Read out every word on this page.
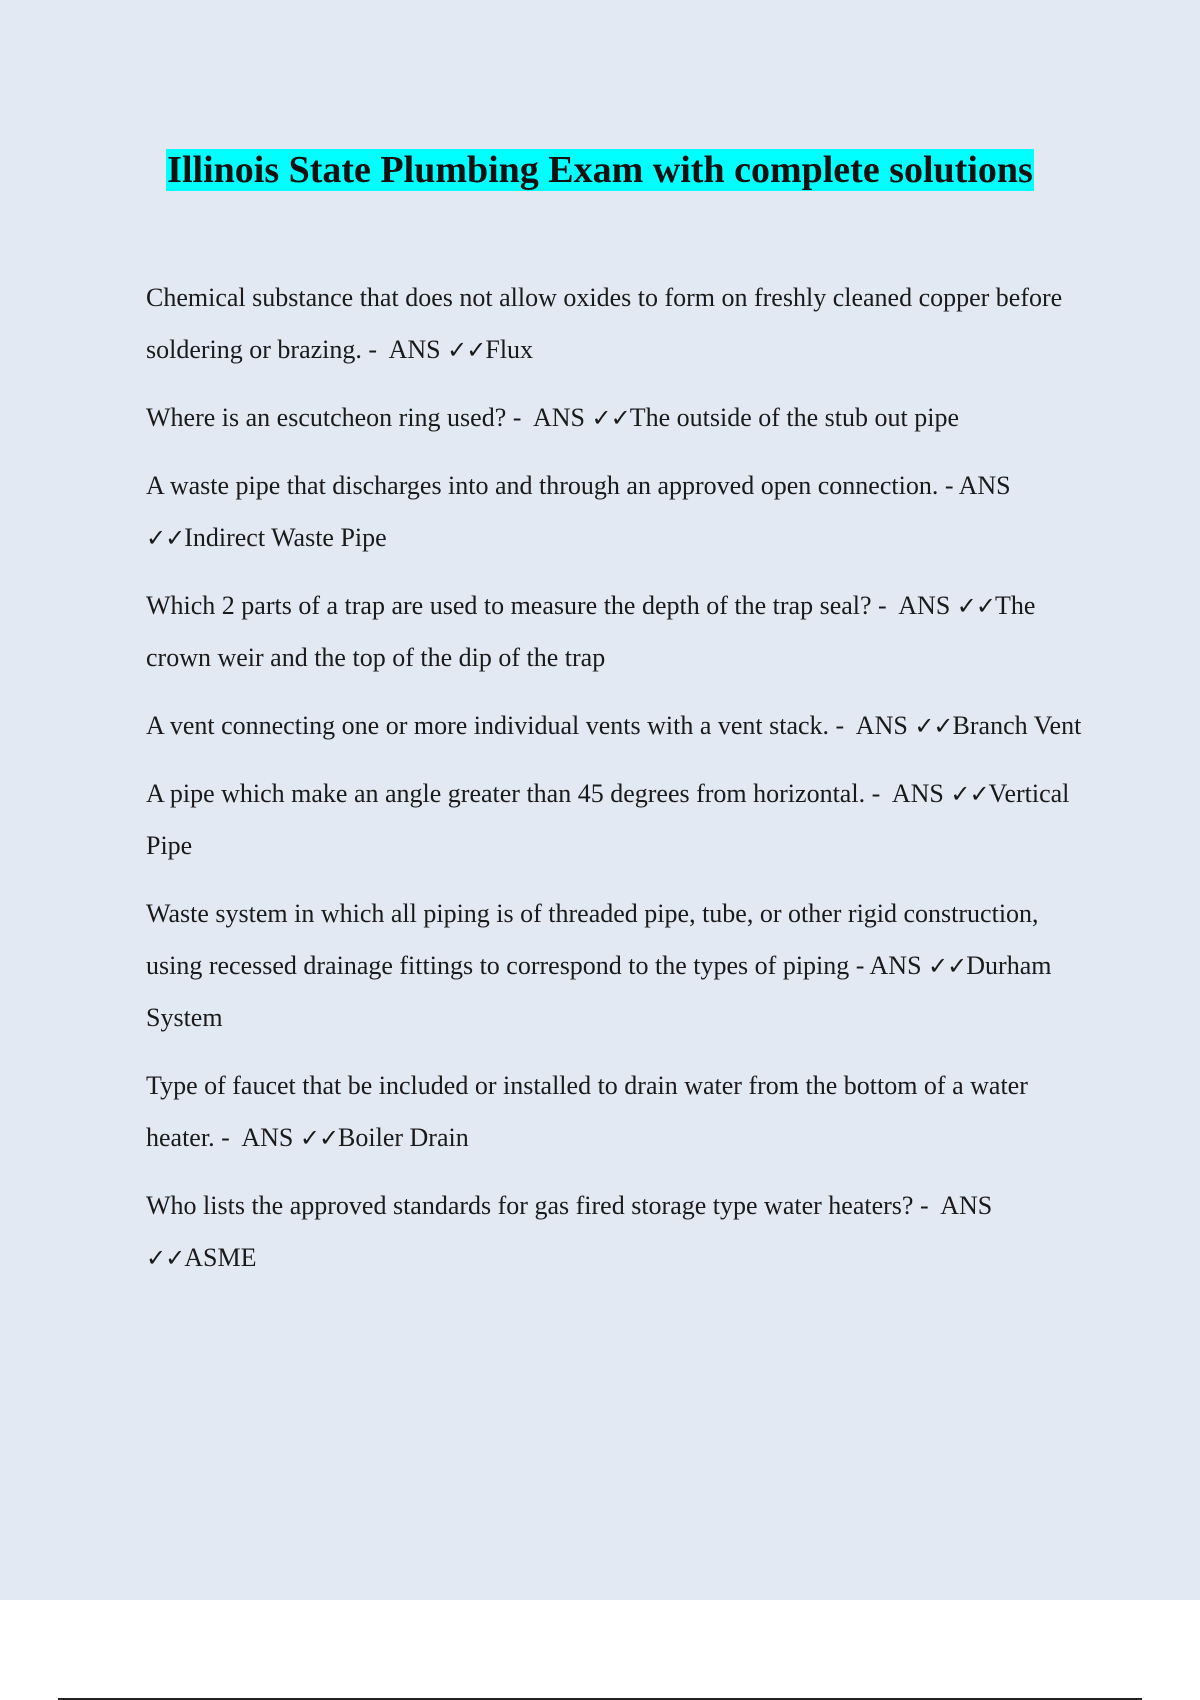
Illinois State Plumbing Exam with complete solutions

Chemical substance that does not allow oxides to form on freshly cleaned copper before soldering or brazing. - ANS ✓✓Flux

Where is an escutcheon ring used? - ANS ✓✓The outside of the stub out pipe

A waste pipe that discharges into and through an approved open connection. - ANS ✓✓Indirect Waste Pipe

Which 2 parts of a trap are used to measure the depth of the trap seal? - ANS ✓✓The crown weir and the top of the dip of the trap

A vent connecting one or more individual vents with a vent stack. - ANS ✓✓Branch Vent

A pipe which make an angle greater than 45 degrees from horizontal. - ANS ✓✓Vertical Pipe

Waste system in which all piping is of threaded pipe, tube, or other rigid construction, using recessed drainage fittings to correspond to the types of piping - ANS ✓✓Durham System

Type of faucet that be included or installed to drain water from the bottom of a water heater. - ANS ✓✓Boiler Drain

Who lists the approved standards for gas fired storage type water heaters? - ANS ✓✓ASME
